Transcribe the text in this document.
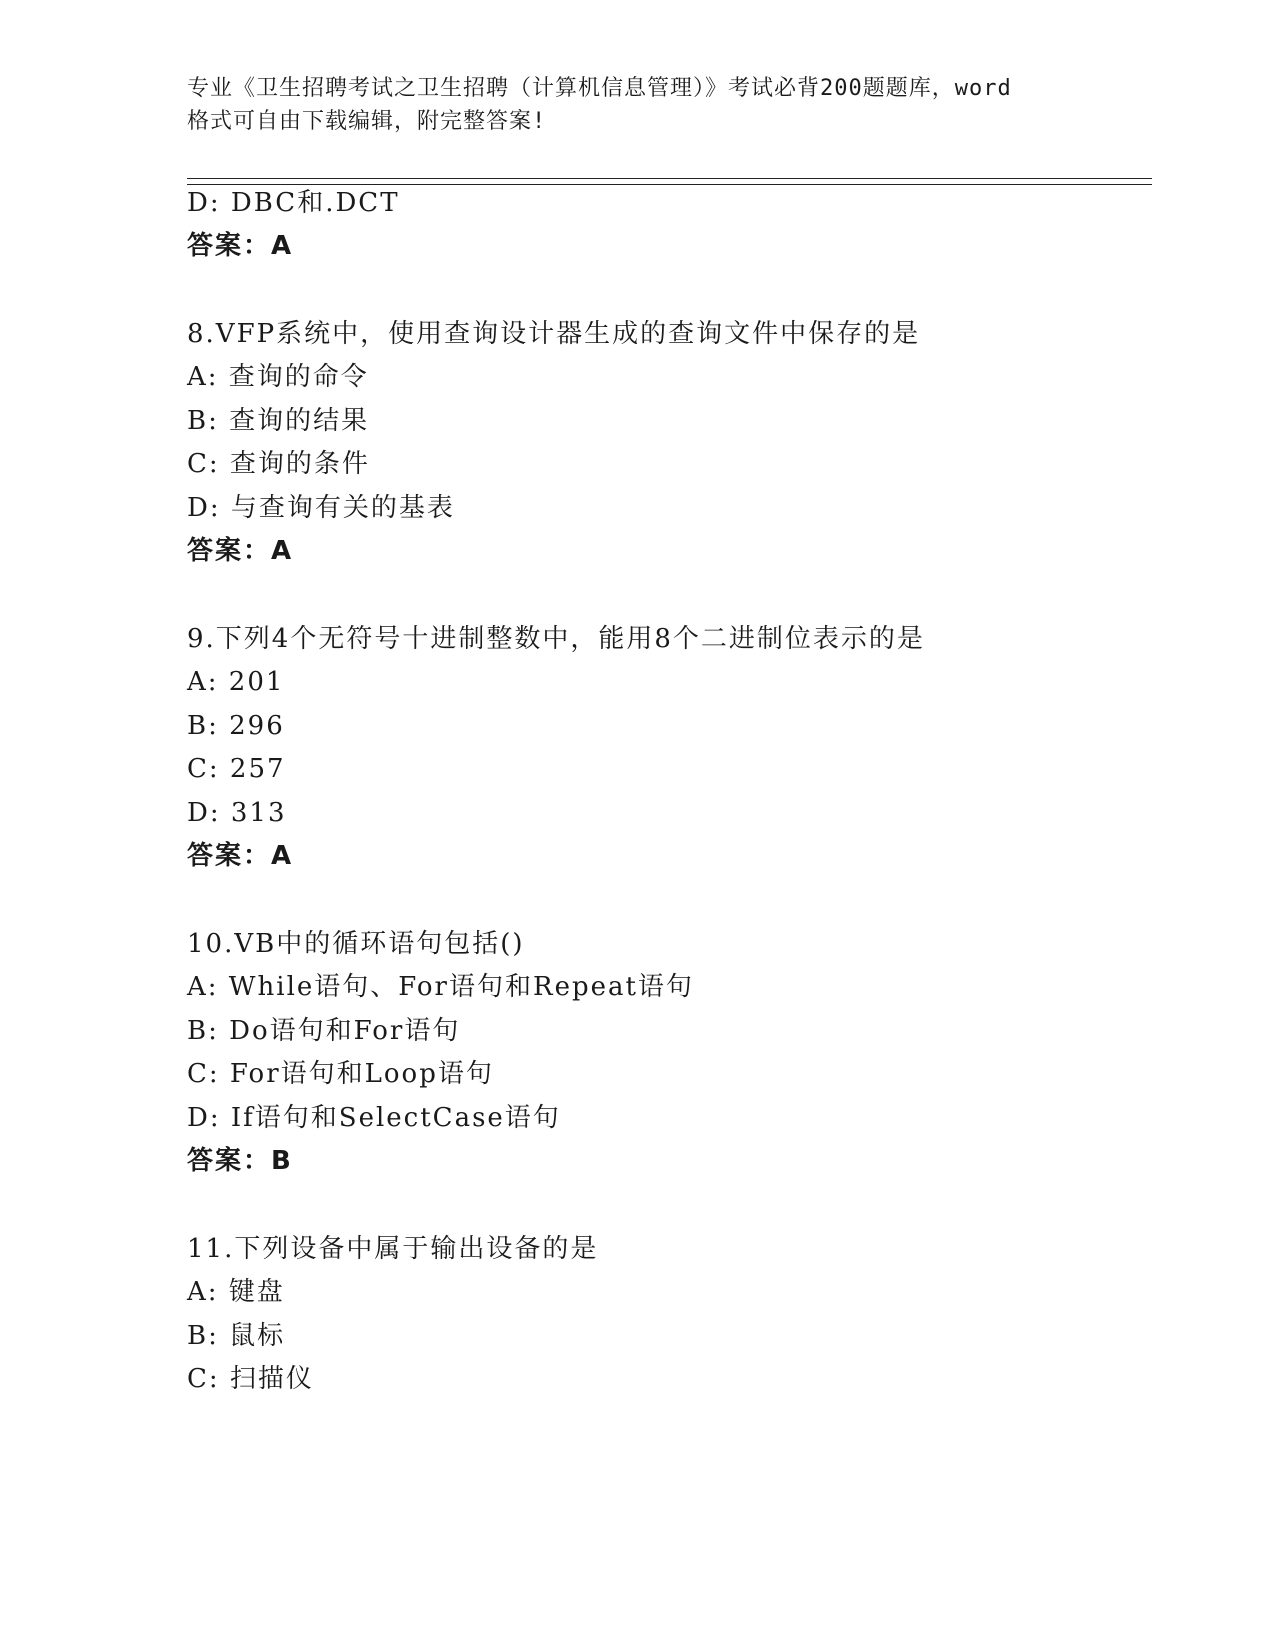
专业《卫生招聘考试之卫生招聘（计算机信息管理）》考试必背200题题库，word
格式可自由下载编辑，附完整答案!
D: DBC和.DCT
答案：A
8.VFP系统中，使用查询设计器生成的查询文件中保存的是
A: 查询的命令
B: 查询的结果
C: 查询的条件
D: 与查询有关的基表
答案：A
9.下列4个无符号十进制整数中，能用8个二进制位表示的是
A: 201
B: 296
C: 257
D: 313
答案：A
10.VB中的循环语句包括()
A: While语句、For语句和Repeat语句
B: Do语句和For语句
C: For语句和Loop语句
D: If语句和SelectCase语句
答案：B
11.下列设备中属于输出设备的是
A: 键盘
B: 鼠标
C: 扫描仪
